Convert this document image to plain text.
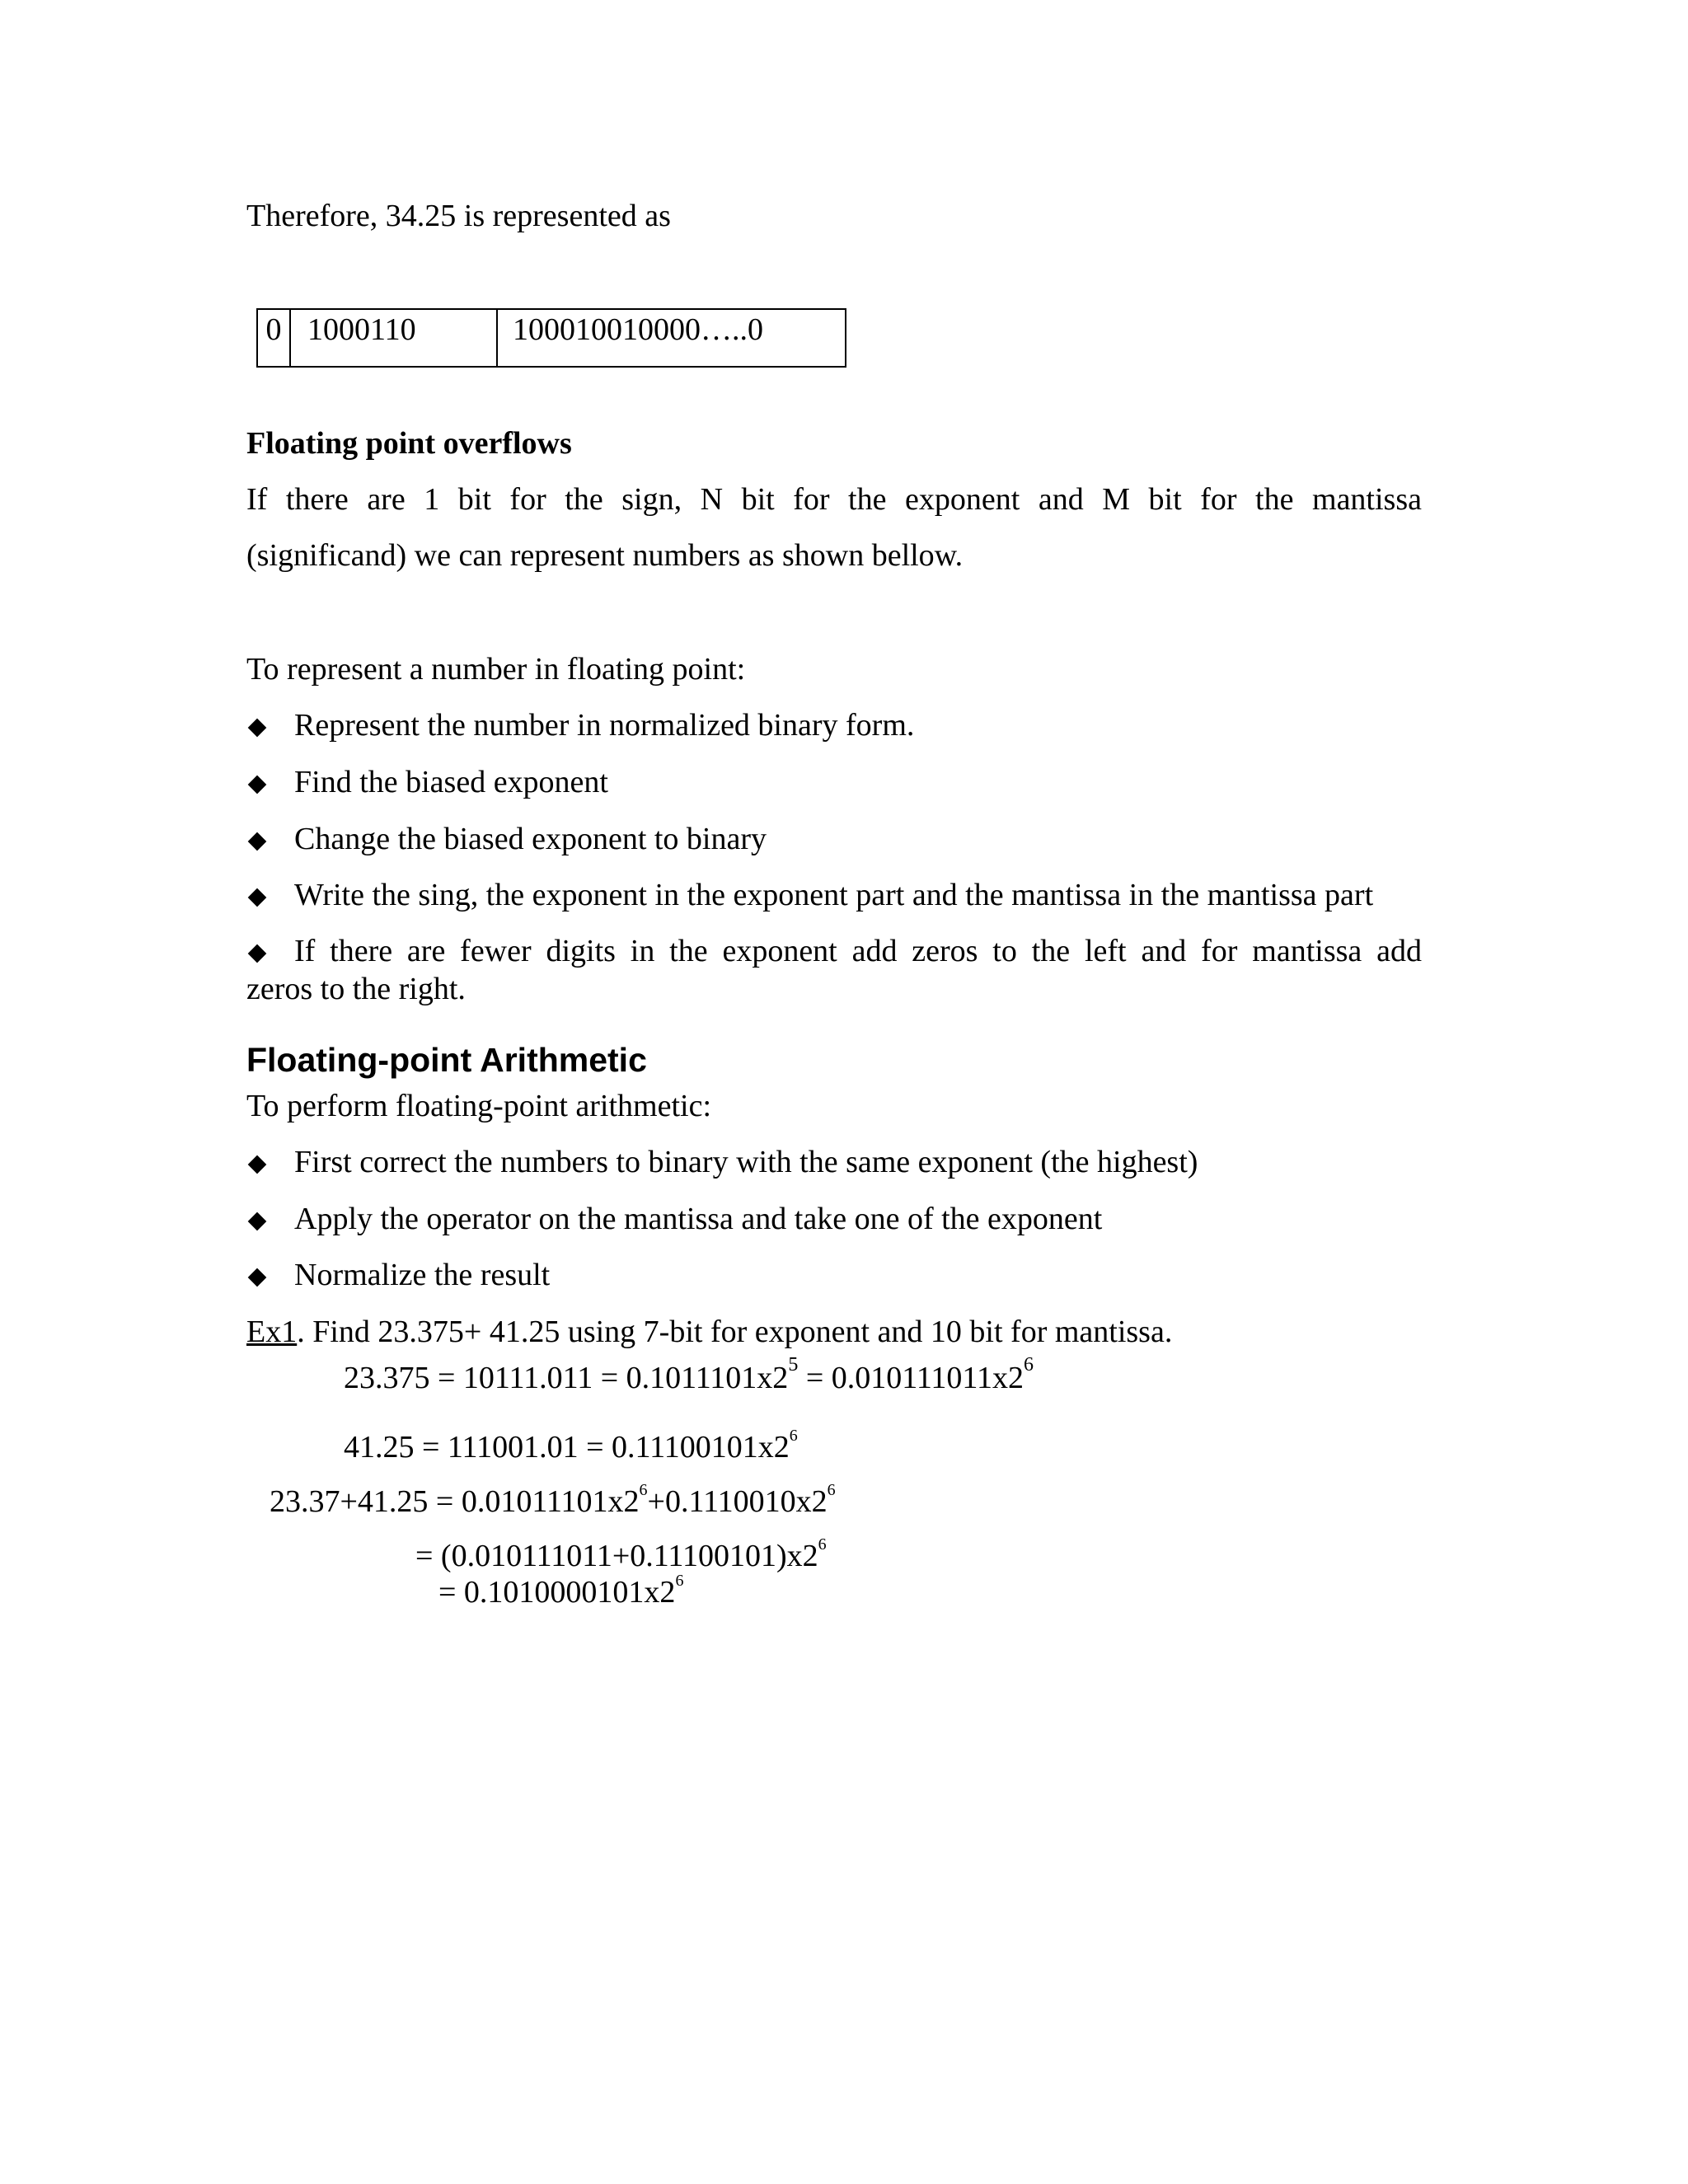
Therefore, 34.25 is represented as
0	1000110	100010010000…..0
Floating point overflows
If there are 1 bit for the sign, N bit for the exponent and M bit for the mantissa
(significand) we can represent numbers as shown bellow.
To represent a number in floating point:
Represent the number in normalized binary form.
Find the biased exponent
Change the biased exponent to binary
Write the sing, the exponent in the exponent part and the mantissa in the mantissa part
If there are fewer digits in the exponent add zeros to the left and for mantissa add
zeros to the right.
Floating-point Arithmetic
To perform floating-point arithmetic:
First correct the numbers to binary with the same exponent (the highest)
Apply the operator on the mantissa and take one of the exponent
Normalize the result
Ex1. Find 23.375+ 41.25 using 7-bit for exponent and 10 bit for mantissa.
$23.375 = 10111.011 = 0.1011101x2^5 = 0.010111011x2^6$
$41.25 = 111001.01 = 0.11100101x2^6$
$23.37+41.25 = 0.01011101x2^6+0.1110010x2^6$
= $(0.010111011+0.11100101)x2^6$
= $0.1010000101x2^6$
